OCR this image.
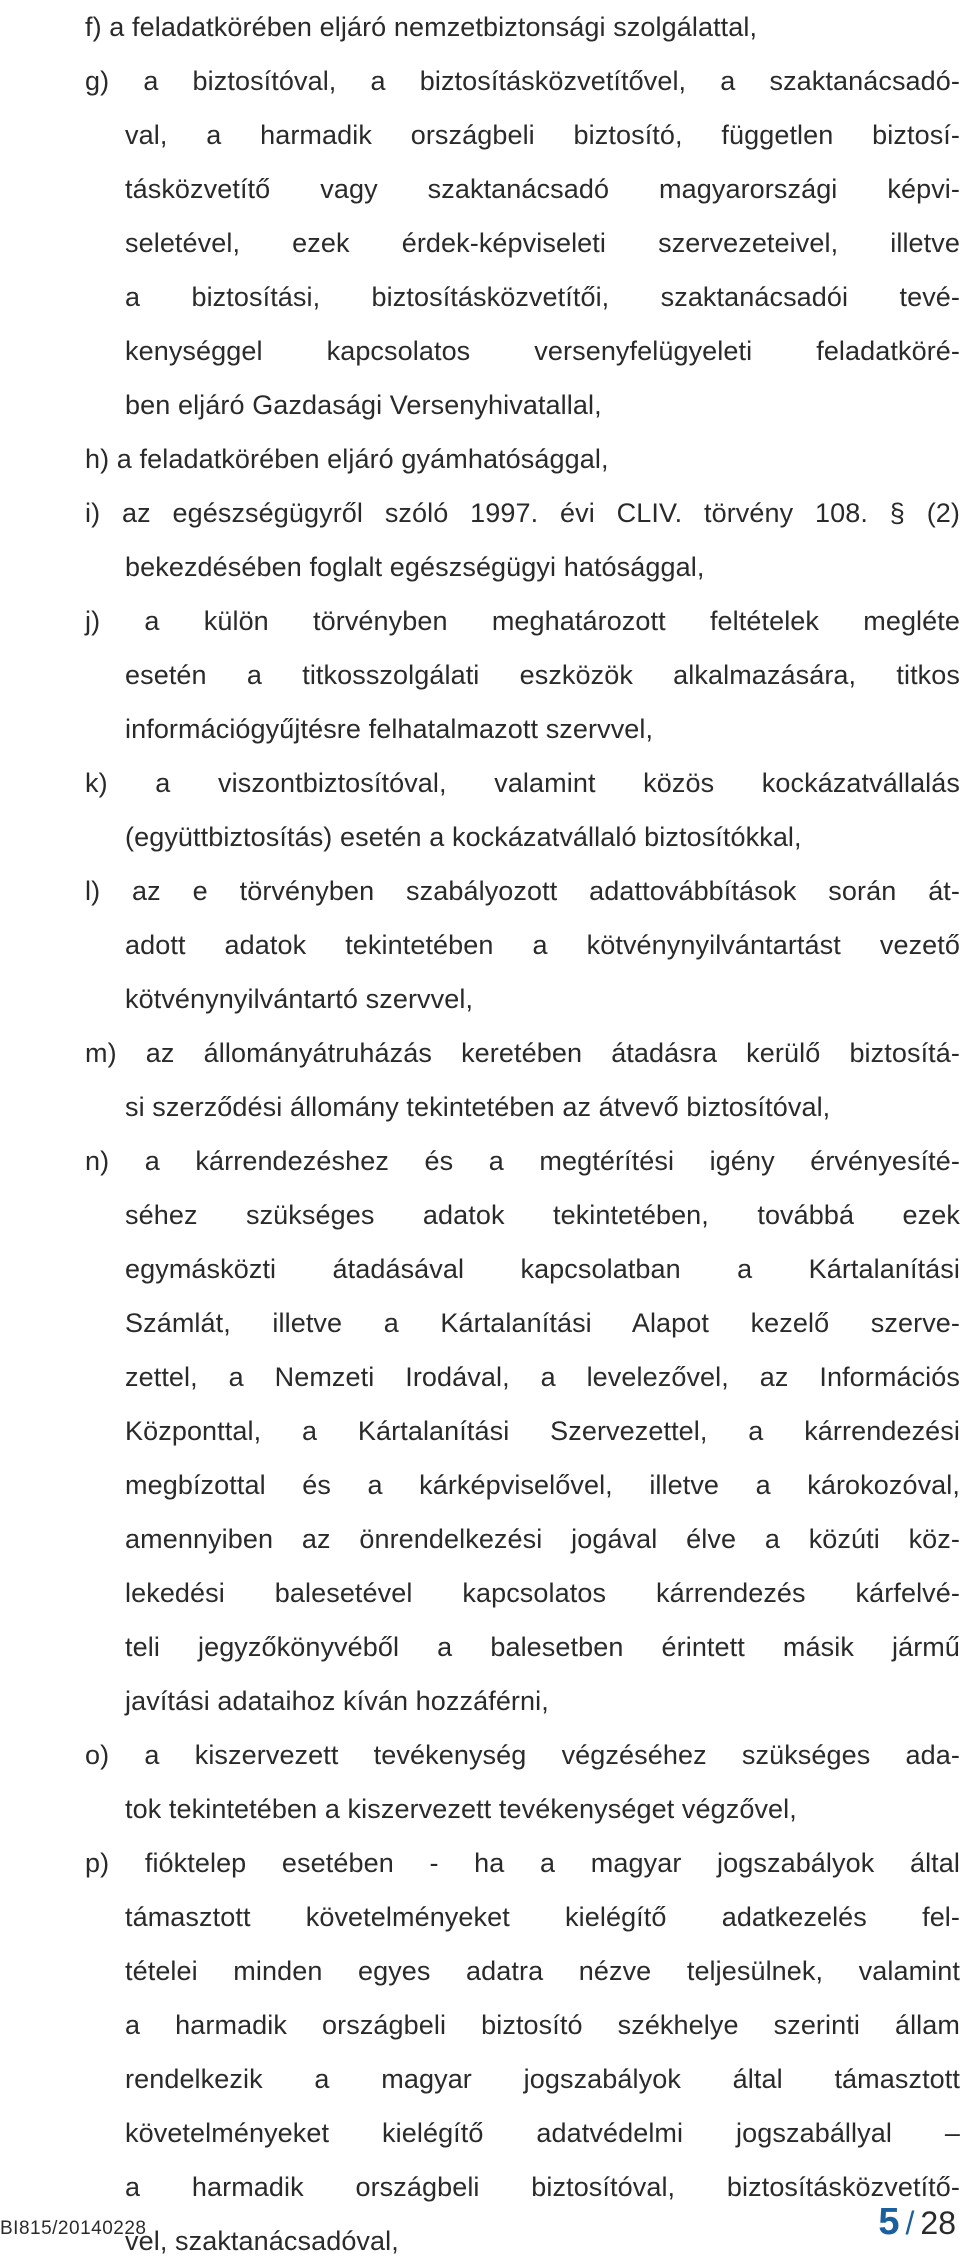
f) a feladatkörében eljáró nemzetbiztonsági szolgálattal,
g) a biztosítóval, a biztosításközvetítővel, a szaktanácsadó-
val, a harmadik országbeli biztosító, független biztosí-
tásközvetítő vagy szaktanácsadó magyarországi képvi-
seletével, ezek érdek-képviseleti szervezeteivel, illetve
a biztosítási, biztosításközvetítői, szaktanácsadói tevé-
kenységgel kapcsolatos versenyfelügyeleti feladatköré-
ben eljáró Gazdasági Versenyhivatallal,
h) a feladatkörében eljáró gyámhatósággal,
i) az egészségügyről szóló 1997. évi CLIV. törvény 108. § (2)
bekezdésében foglalt egészségügyi hatósággal,
j) a külön törvényben meghatározott feltételek megléte
esetén a titkosszolgálati eszközök alkalmazására, titkos
információgyűjtésre felhatalmazott szervvel,
k) a viszontbiztosítóval, valamint közös kockázatvállalás
(együttbiztosítás) esetén a kockázatvállaló biztosítókkal,
l) az e törvényben szabályozott adattovábbítások során át-
adott adatok tekintetében a kötvénynyilvántartást vezető
kötvénynyilvántartó szervvel,
m) az állományátruházás keretében átadásra kerülő biztosítá-
si szerződési állomány tekintetében az átvevő biztosítóval,
n) a kárrendezéshez és a megtérítési igény érvényesíté-
séhez szükséges adatok tekintetében, továbbá ezek
egymásközti átadásával kapcsolatban a Kártalanítási
Számlát, illetve a Kártalanítási Alapot kezelő szerve-
zettel, a Nemzeti Irodával, a levelezővel, az Információs
Központtal, a Kártalanítási Szervezettel, a kárrendezési
megbízottal és a kárképviselővel, illetve a károkozóval,
amennyiben az önrendelkezési jogával élve a közúti köz-
lekedési balesetével kapcsolatos kárrendezés kárfelvé-
teli jegyzőkönyvéből a balesetben érintett másik jármű
javítási adataihoz kíván hozzáférni,
o) a kiszervezett tevékenység végzéséhez szükséges ada-
tok tekintetében a kiszervezett tevékenységet végzővel,
p) fióktelep esetében - ha a magyar jogszabályok által
támasztott követelményeket kielégítő adatkezelés fel-
tételei minden egyes adatra nézve teljesülnek, valamint
a harmadik országbeli biztosító székhelye szerinti állam
rendelkezik a magyar jogszabályok által támasztott
követelményeket kielégítő adatvédelmi jogszabállyal –
a harmadik országbeli biztosítóval, biztosításközvetítő-
vel, szaktanácsadóval,
BI815/20140228	5 / 28
